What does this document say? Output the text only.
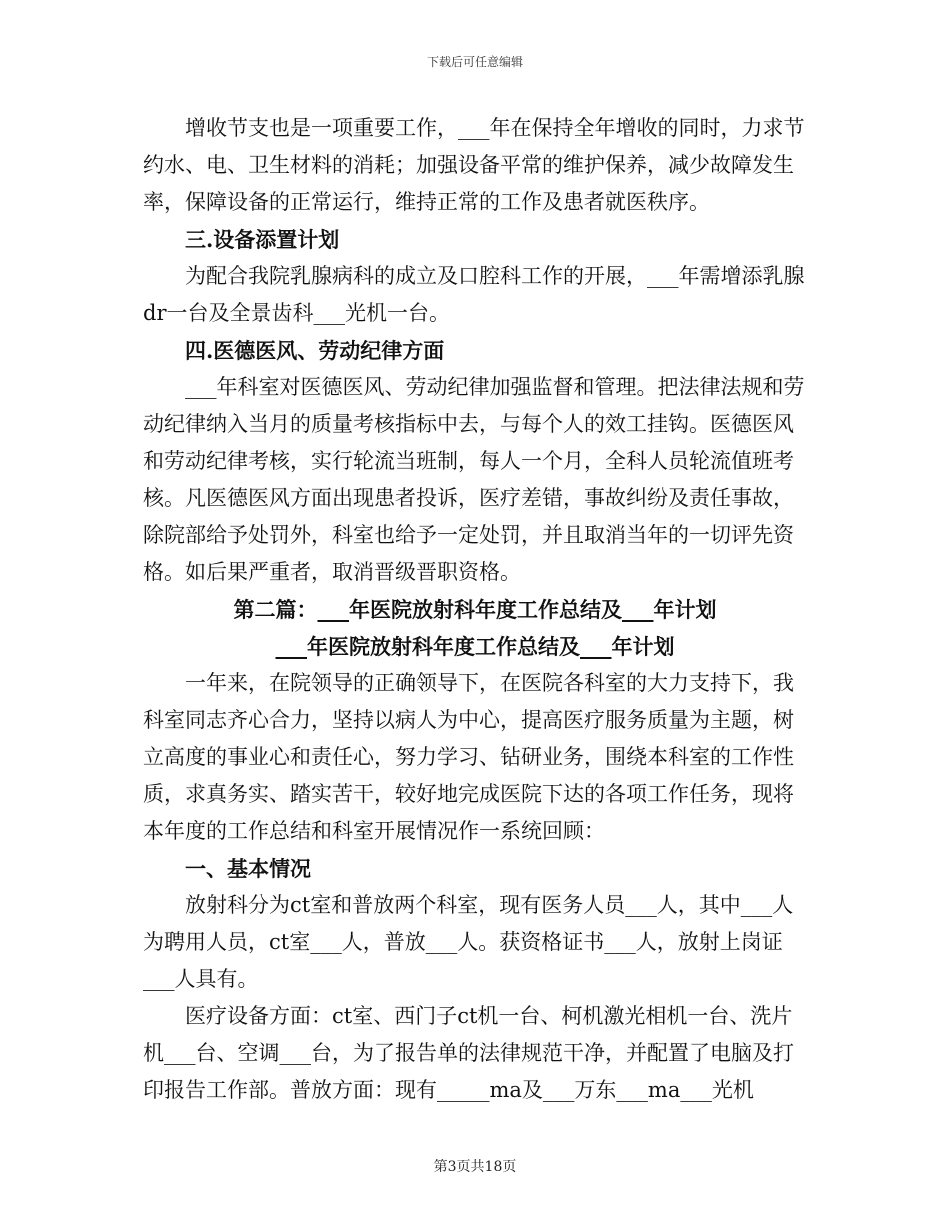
下载后可任意编辑

增收节支也是一项重要工作，___年在保持全年增收的同时，力求节约水、电、卫生材料的消耗；加强设备平常的维护保养，减少故障发生率，保障设备的正常运行，维持正常的工作及患者就医秩序。

三.设备添置计划

为配合我院乳腺病科的成立及口腔科工作的开展，___年需增添乳腺dr一台及全景齿科___光机一台。

四.医德医风、劳动纪律方面

___年科室对医德医风、劳动纪律加强监督和管理。把法律法规和劳动纪律纳入当月的质量考核指标中去，与每个人的效工挂钩。医德医风和劳动纪律考核，实行轮流当班制，每人一个月，全科人员轮流值班考核。凡医德医风方面出现患者投诉，医疗差错，事故纠纷及责任事故，除院部给予处罚外，科室也给予一定处罚，并且取消当年的一切评先资格。如后果严重者，取消晋级晋职资格。

第二篇：___年医院放射科年度工作总结及___年计划

___年医院放射科年度工作总结及___年计划

一年来，在院领导的正确领导下，在医院各科室的大力支持下，我科室同志齐心合力，坚持以病人为中心，提高医疗服务质量为主题，树立高度的事业心和责任心，努力学习、钻研业务，围绕本科室的工作性质，求真务实、踏实苦干，较好地完成医院下达的各项工作任务，现将本年度的工作总结和科室开展情况作一系统回顾：

一、基本情况

放射科分为ct室和普放两个科室，现有医务人员___人，其中___人为聘用人员，ct室___人，普放___人。获资格证书___人，放射上岗证___人具有。

医疗设备方面：ct室、西门子ct机一台、柯机激光相机一台、洗片机___台、空调___台，为了报告单的法律规范干净，并配置了电脑及打印报告工作部。普放方面：现有_____ma及___万东___ma___光机

第3页共18页
